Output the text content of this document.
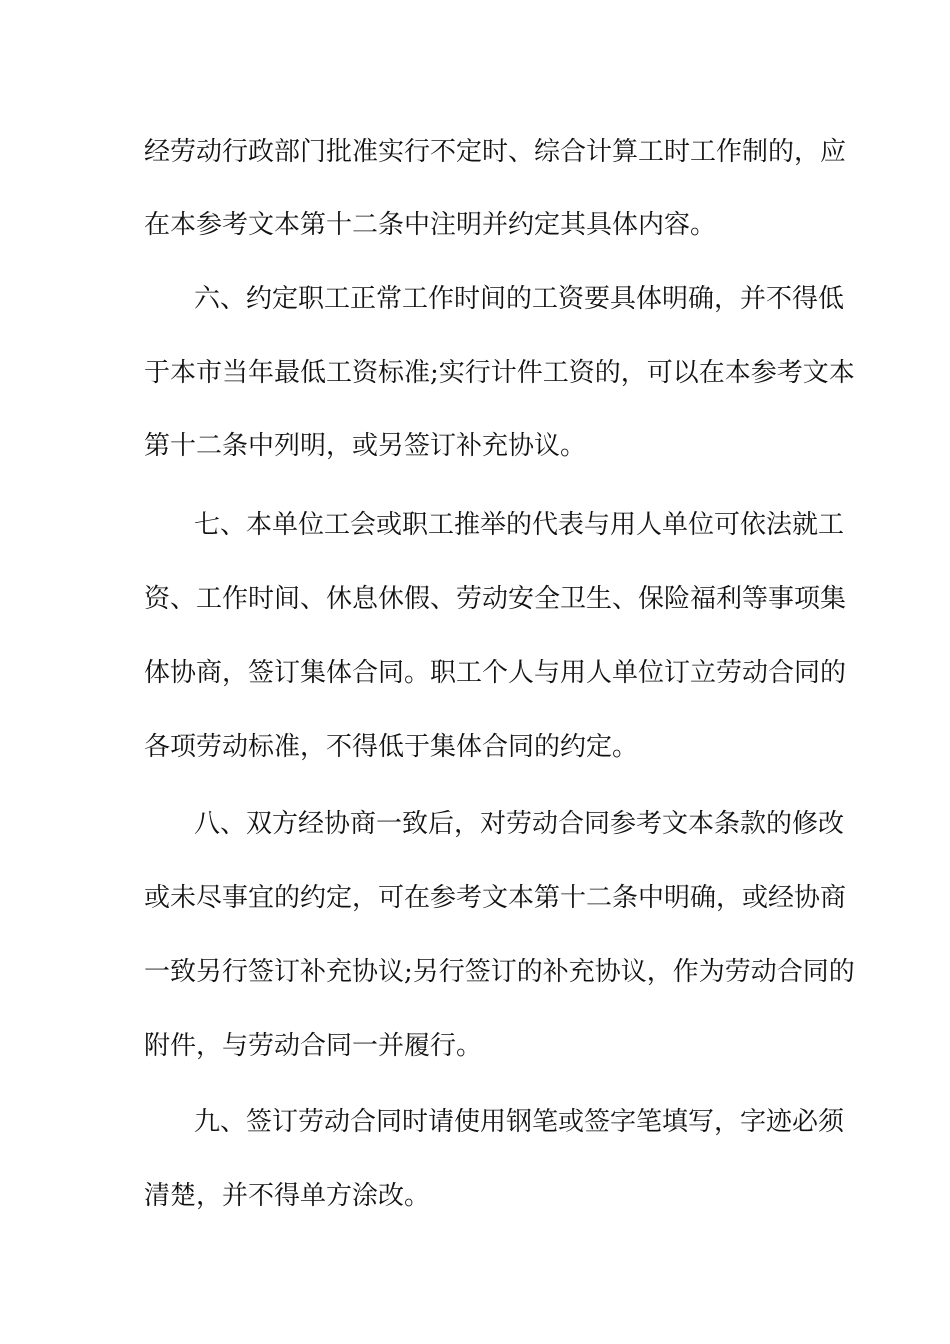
经劳动行政部门批准实行不定时、综合计算工时工作制的，应

在本参考文本第十二条中注明并约定其具体内容。

六、约定职工正常工作时间的工资要具体明确，并不得低

于本市当年最低工资标准;实行计件工资的，可以在本参考文本

第十二条中列明，或另签订补充协议。

七、本单位工会或职工推举的代表与用人单位可依法就工

资、工作时间、休息休假、劳动安全卫生、保险福利等事项集

体协商，签订集体合同。职工个人与用人单位订立劳动合同的

各项劳动标准，不得低于集体合同的约定。

八、双方经协商一致后，对劳动合同参考文本条款的修改

或未尽事宜的约定，可在参考文本第十二条中明确，或经协商

一致另行签订补充协议;另行签订的补充协议，作为劳动合同的

附件，与劳动合同一并履行。

九、签订劳动合同时请使用钢笔或签字笔填写，字迹必须

清楚，并不得单方涂改。
